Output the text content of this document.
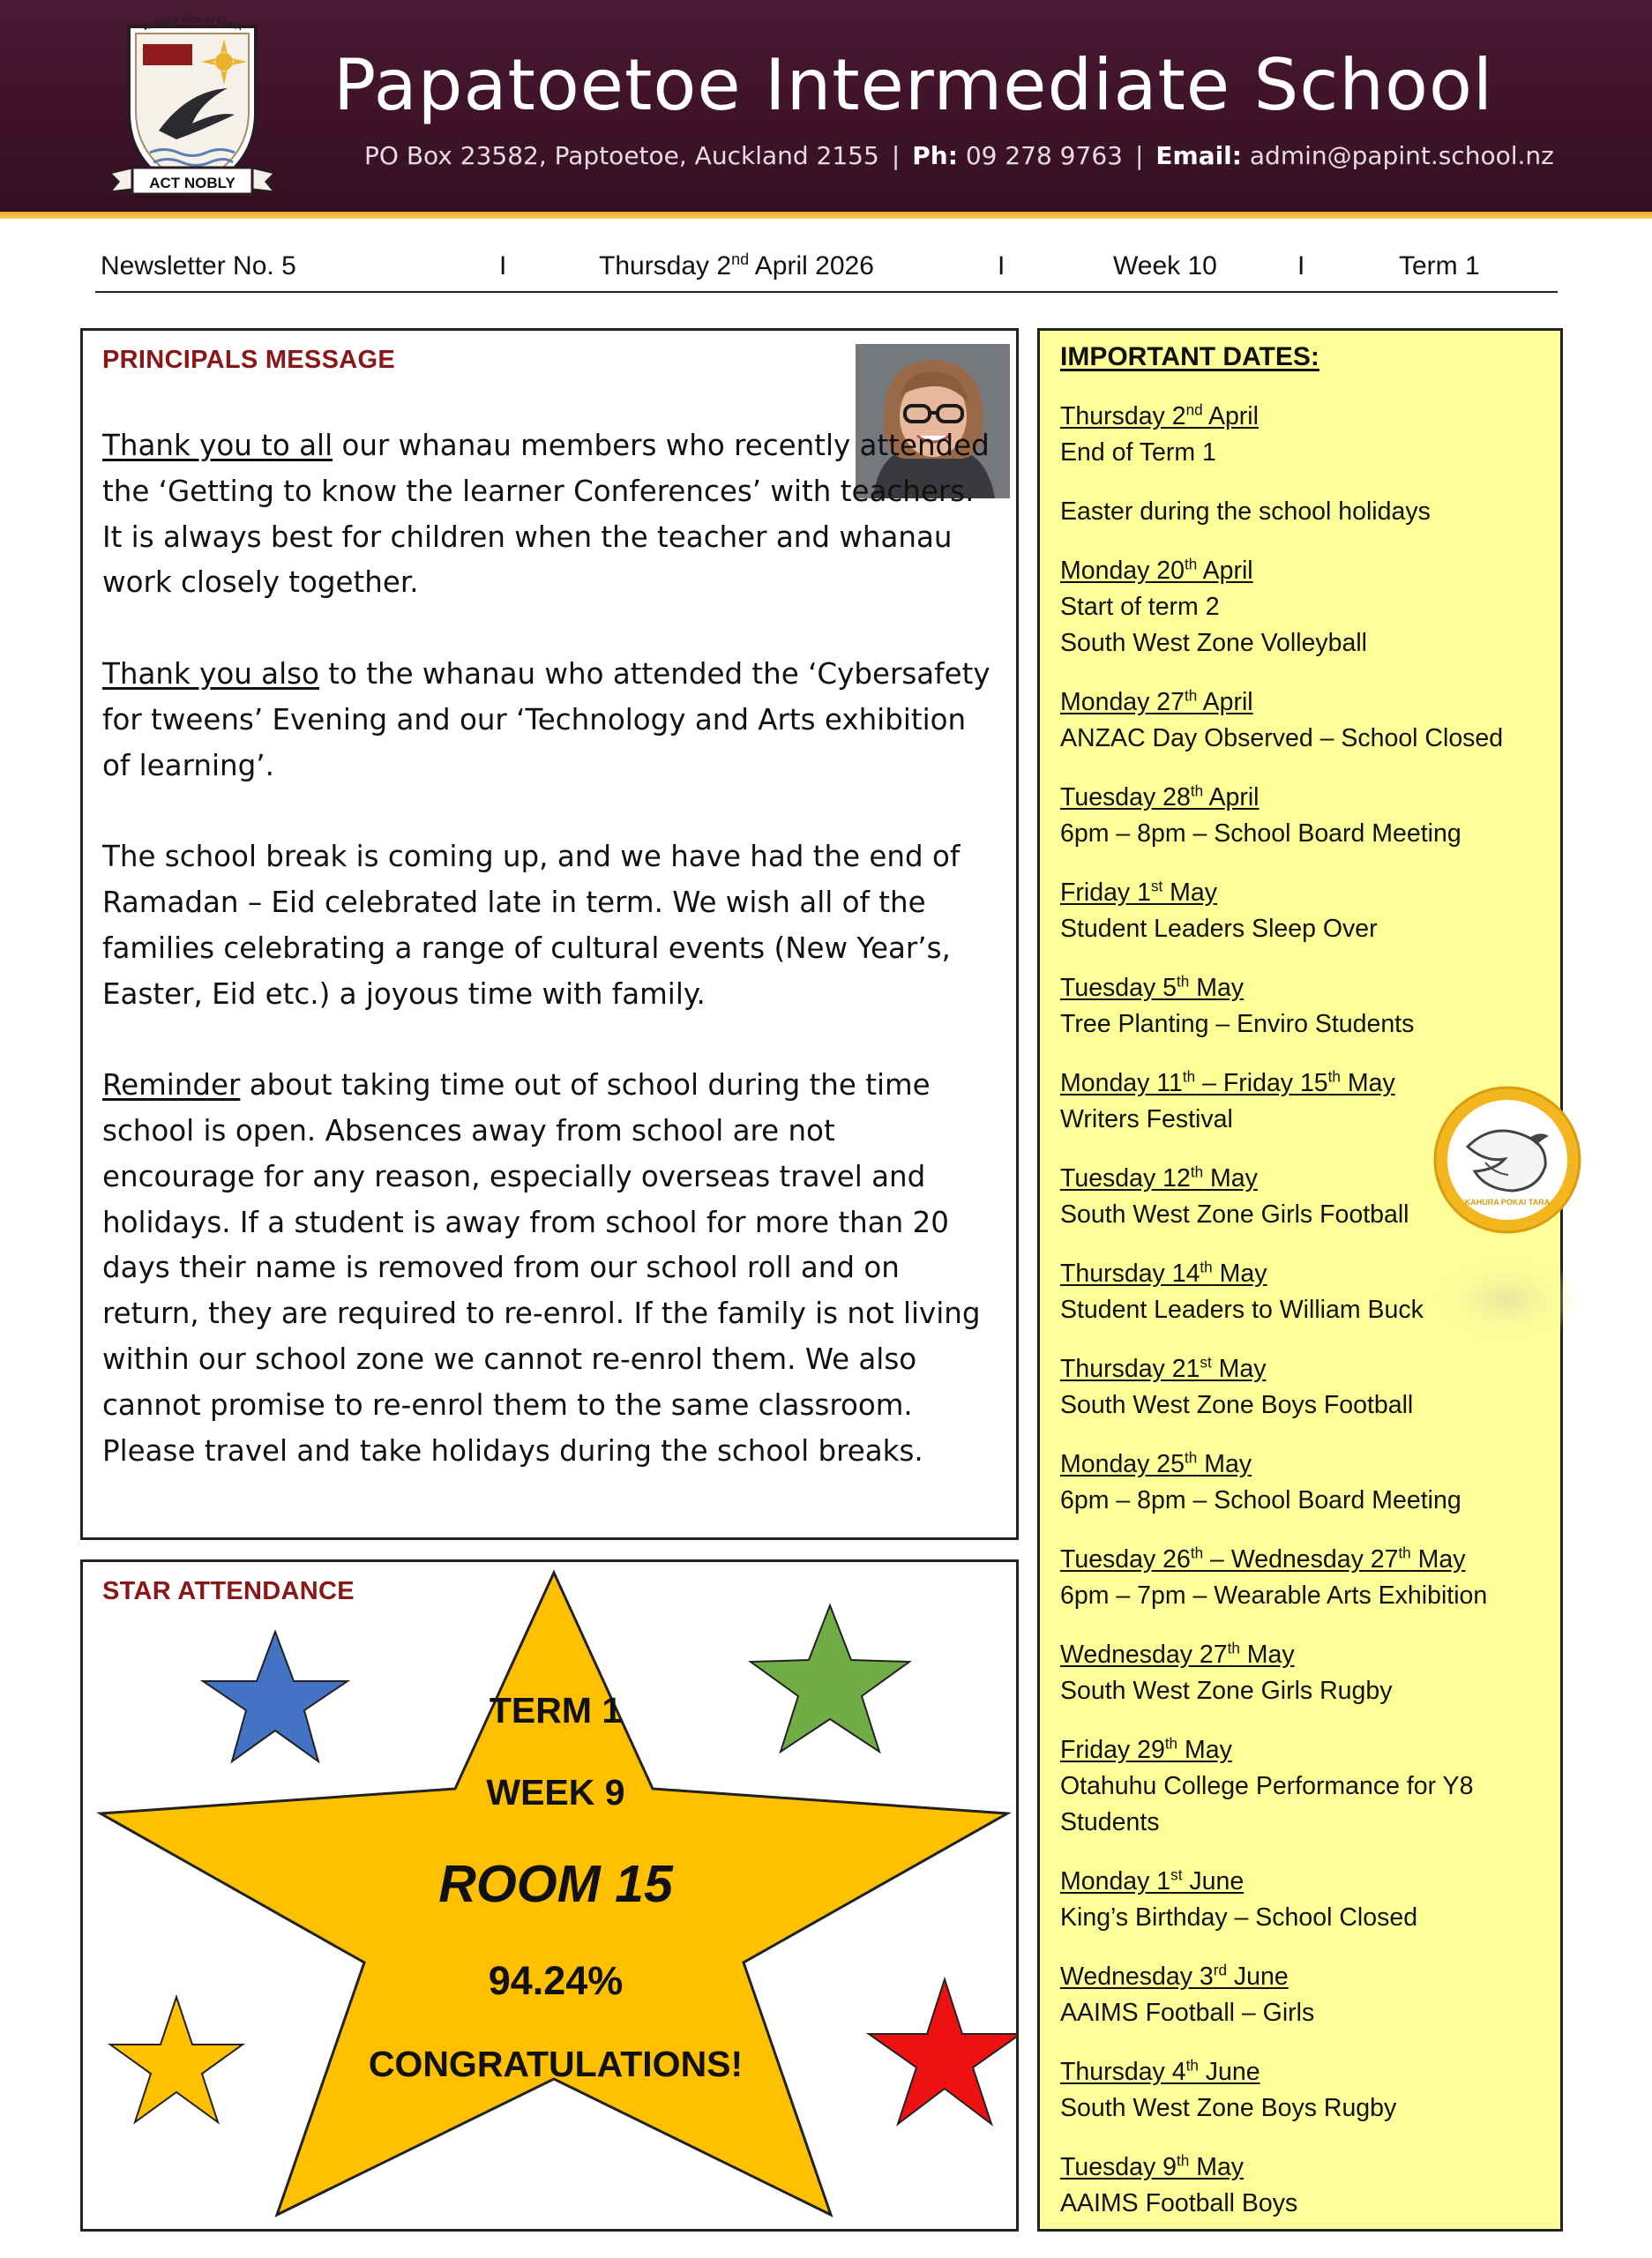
ACT NOBLY
WHAKA POKAI TARA
Papatoetoe Intermediate School
PO Box 23582, Paptoetoe, Auckland 2155 | Ph: 09 278 9763 | Email: admin@papint.school.nz
Newsletter No. 5	I	Thursday 2nd April 2026	I	Week 10	I	Term 1
PRINCIPALS MESSAGE

Thank you to all our whanau members who recently attended the ‘Getting to know the learner Conferences’ with teachers. It is always best for children when the teacher and whanau work closely together.

Thank you also to the whanau who attended the ‘Cybersafety for tweens’ Evening and our ‘Technology and Arts exhibition of learning’.

The school break is coming up, and we have had the end of Ramadan – Eid celebrated late in term. We wish all of the families celebrating a range of cultural events (New Year’s, Easter, Eid etc.) a joyous time with family.

Reminder about taking time out of school during the time school is open. Absences away from school are not encourage for any reason, especially overseas travel and holidays. If a student is away from school for more than 20 days their name is removed from our school roll and on return, they are required to re-enrol. If the family is not living within our school zone we cannot re-enrol them. We also cannot promise to re-enrol them to the same classroom. Please travel and take holidays during the school breaks.

STAR ATTENDANCE
TERM 1
WEEK 9
ROOM 15
94.24%
CONGRATULATIONS!
IMPORTANT DATES:
Thursday 2nd April
End of Term 1
Easter during the school holidays
Monday 20th April
Start of term 2
South West Zone Volleyball
Monday 27th April
ANZAC Day Observed – School Closed
Tuesday 28th April
6pm – 8pm – School Board Meeting
Friday 1st May
Student Leaders Sleep Over
Tuesday 5th May
Tree Planting – Enviro Students
Monday 11th – Friday 15th May
Writers Festival
Tuesday 12th May
South West Zone Girls Football
Thursday 14th May
Student Leaders to William Buck
Thursday 21st May
South West Zone Boys Football
Monday 25th May
6pm – 8pm – School Board Meeting
Tuesday 26th – Wednesday 27th May
6pm – 7pm – Wearable Arts Exhibition
Wednesday 27th May
South West Zone Girls Rugby
Friday 29th May
Otahuhu College Performance for Y8 Students
Monday 1st June
King’s Birthday – School Closed
Wednesday 3rd June
AAIMS Football – Girls
Thursday 4th June
South West Zone Boys Rugby
Tuesday 9th May
AAIMS Football Boys
KAHURA POKAI TARA
